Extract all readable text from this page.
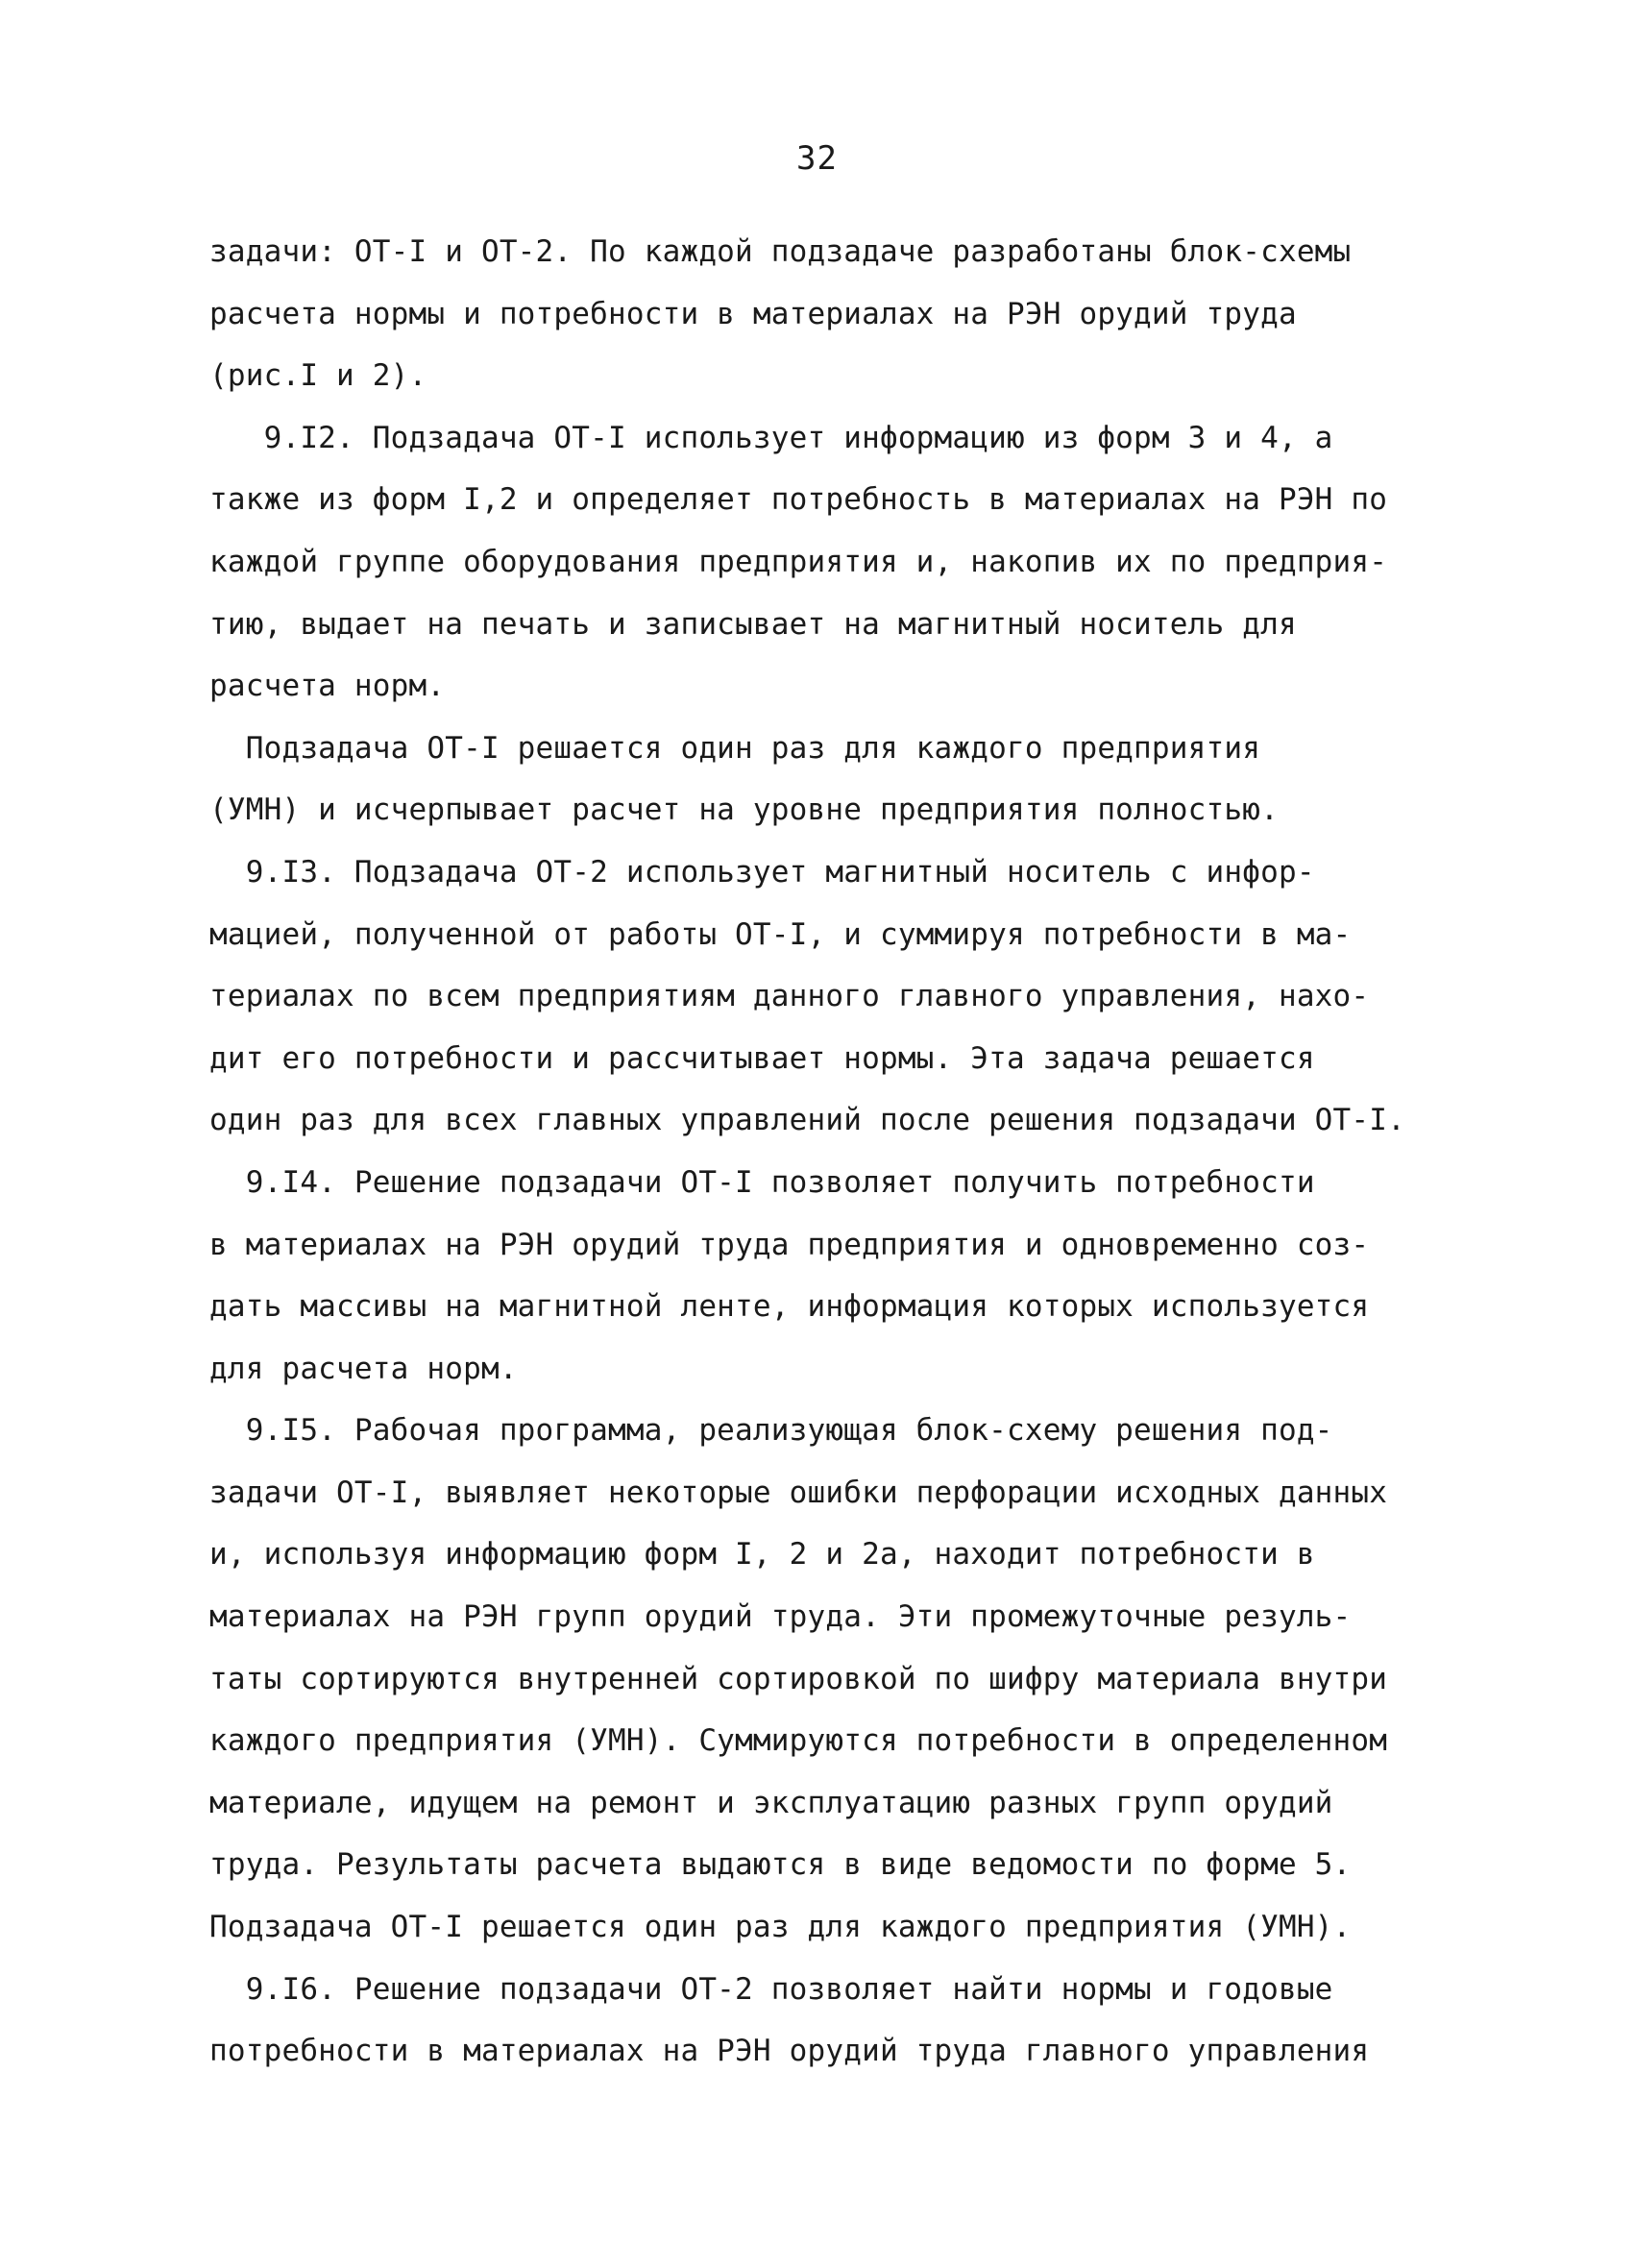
32
задачи: ОТ-I и ОТ-2. По каждой подзадаче разработаны блок-схемы
расчета нормы и потребности в материалах на РЭН орудий труда
(рис.I и 2).
9.I2. Подзадача ОТ-I использует информацию из форм 3 и 4, а
также из форм I,2 и определяет потребность в материалах на РЭН по
каждой группе оборудования предприятия и, накопив их по предприя-
тию, выдает на печать и записывает на магнитный носитель для
расчета норм.
Подзадача ОТ-I решается один раз для каждого предприятия
(УМН) и исчерпывает расчет на уровне предприятия полностью.
9.I3. Подзадача ОТ-2 использует магнитный носитель с инфор-
мацией, полученной от работы ОТ-I, и суммируя потребности в ма-
териалах по всем предприятиям данного главного управления, нахо-
дит его потребности и рассчитывает нормы. Эта задача решается
один раз для всех главных управлений после решения подзадачи ОТ-I.
9.I4. Решение подзадачи ОТ-I позволяет получить потребности
в материалах на РЭН орудий труда предприятия и одновременно соз-
дать массивы на магнитной ленте, информация которых используется
для расчета норм.
9.I5. Рабочая программа, реализующая блок-схему решения под-
задачи ОТ-I, выявляет некоторые ошибки перфорации исходных данных
и, используя информацию форм I, 2 и 2а, находит потребности в
материалах на РЭН групп орудий труда. Эти промежуточные резуль-
таты сортируются внутренней сортировкой по шифру материала внутри
каждого предприятия (УМН). Суммируются потребности в определенном
материале, идущем на ремонт и эксплуатацию разных групп орудий
труда. Результаты расчета выдаются в виде ведомости по форме 5.
Подзадача ОТ-I решается один раз для каждого предприятия (УМН).
9.I6. Решение подзадачи ОТ-2 позволяет найти нормы и годовые
потребности в материалах на РЭН орудий труда главного управления
